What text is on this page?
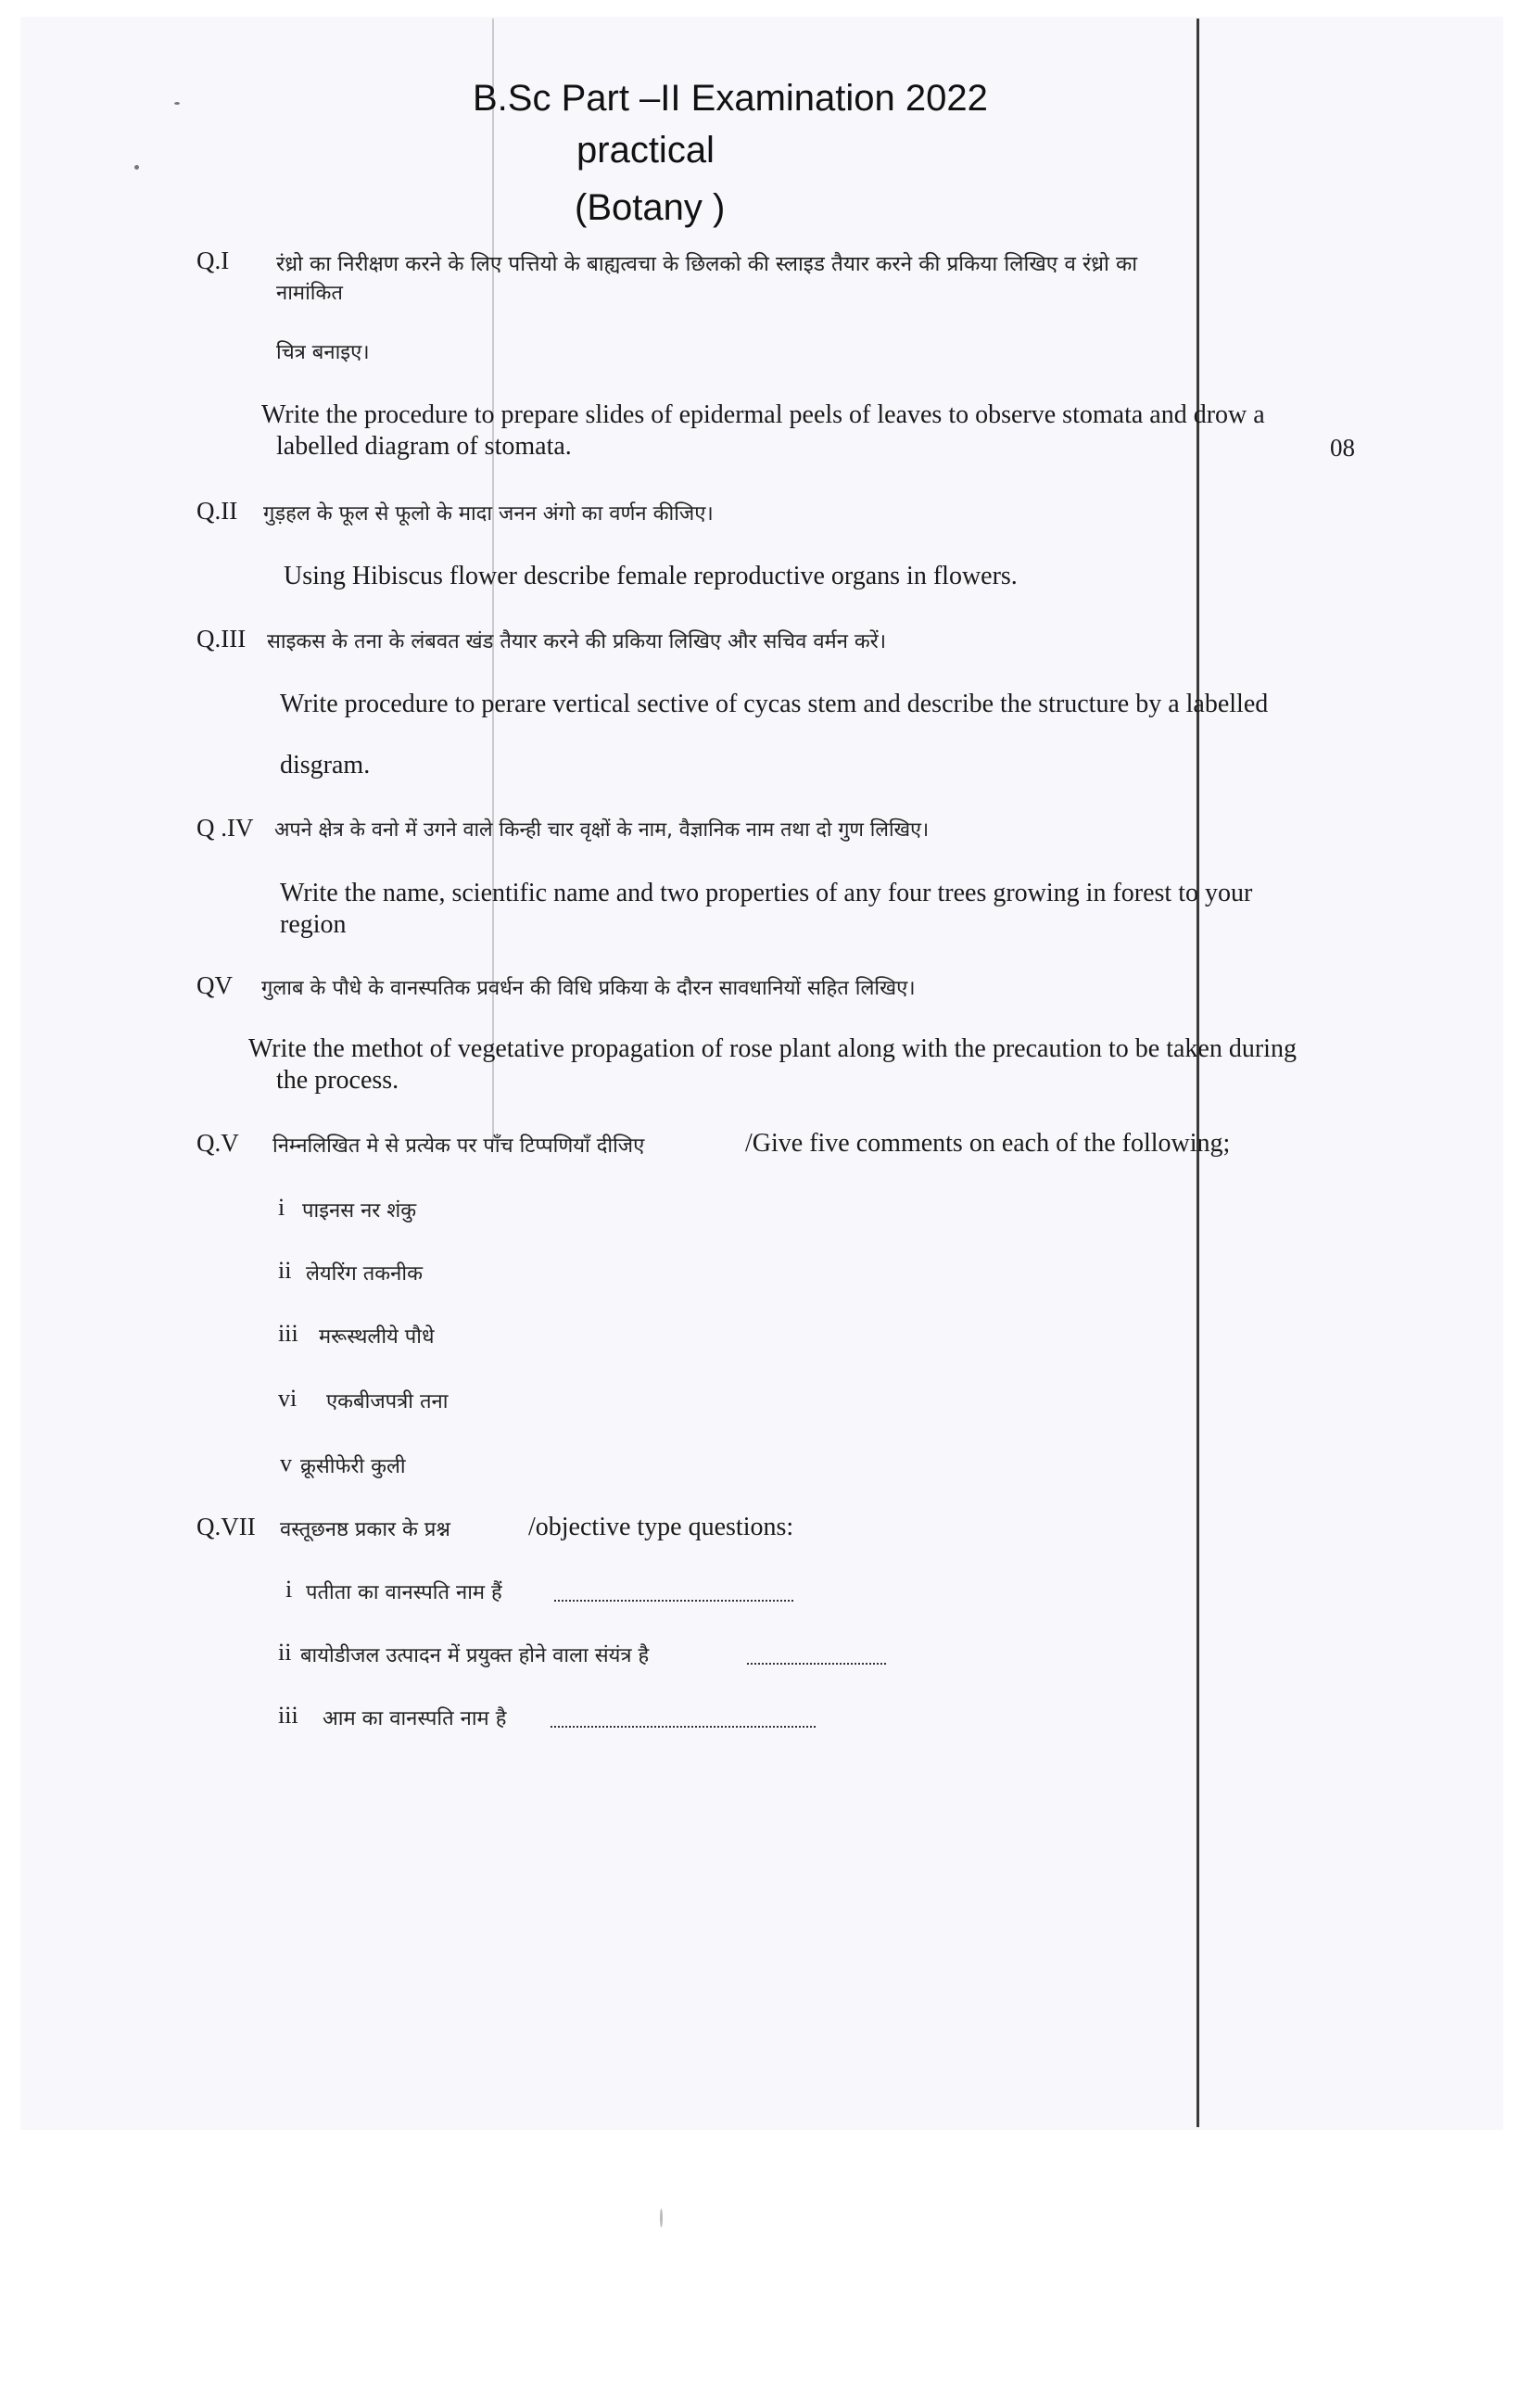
B.Sc Part –II Examination 2022
practical
(Botany )
Q.I रंध्रो का निरीक्षण करने के लिए पत्तियो के बाह्यत्वचा के छिलको की स्लाइड तैयार करने की प्रकिया लिखिए व रंध्रो का
नामांकित
चित्र बनाइए।
Write the procedure to prepare slides of epidermal peels of leaves to observe stomata and drow a
labelled diagram of stomata.	08
Q.II गुड़हल के फूल से फूलो के मादा जनन अंगो का वर्णन कीजिए।
Using Hibiscus flower describe female reproductive organs in flowers.
Q.III साइकस के तना के लंबवत खंड तैयार करने की प्रकिया लिखिए और सचिव वर्मन करें।
Write procedure to perare vertical sective of cycas stem and describe the structure by a labelled
disgram.
Q .IV अपने क्षेत्र के वनो में उगने वाले किन्ही चार वृक्षों के नाम, वैज्ञानिक नाम तथा दो गुण लिखिए।
Write the name, scientific name and two properties of any four trees growing in forest to your
region
QV गुलाब के पौधे के वानस्पतिक प्रवर्धन की विधि प्रकिया के दौरन सावधानियों सहित लिखिए।
Write the methot of vegetative propagation of rose plant along with the precaution to be taken during
the process.
Q.V निम्नलिखित मे से प्रत्येक पर पाँच टिप्पणियाँ दीजिए	/Give five comments on each of the following;
i पाइनस नर शंकु
ii लेयरिंग तकनीक
iii मरूस्थलीये पौधे
vi एकबीजपत्री तना
v क्रूसीफेरी कुली
Q.VII वस्तूछनष्ठ प्रकार के प्रश्न	/objective type questions:
i पतीता का वानस्पति नाम हैं
ii बायोडीजल उत्पादन में प्रयुक्त होने वाला संयंत्र है
iii आम का वानस्पति नाम है
